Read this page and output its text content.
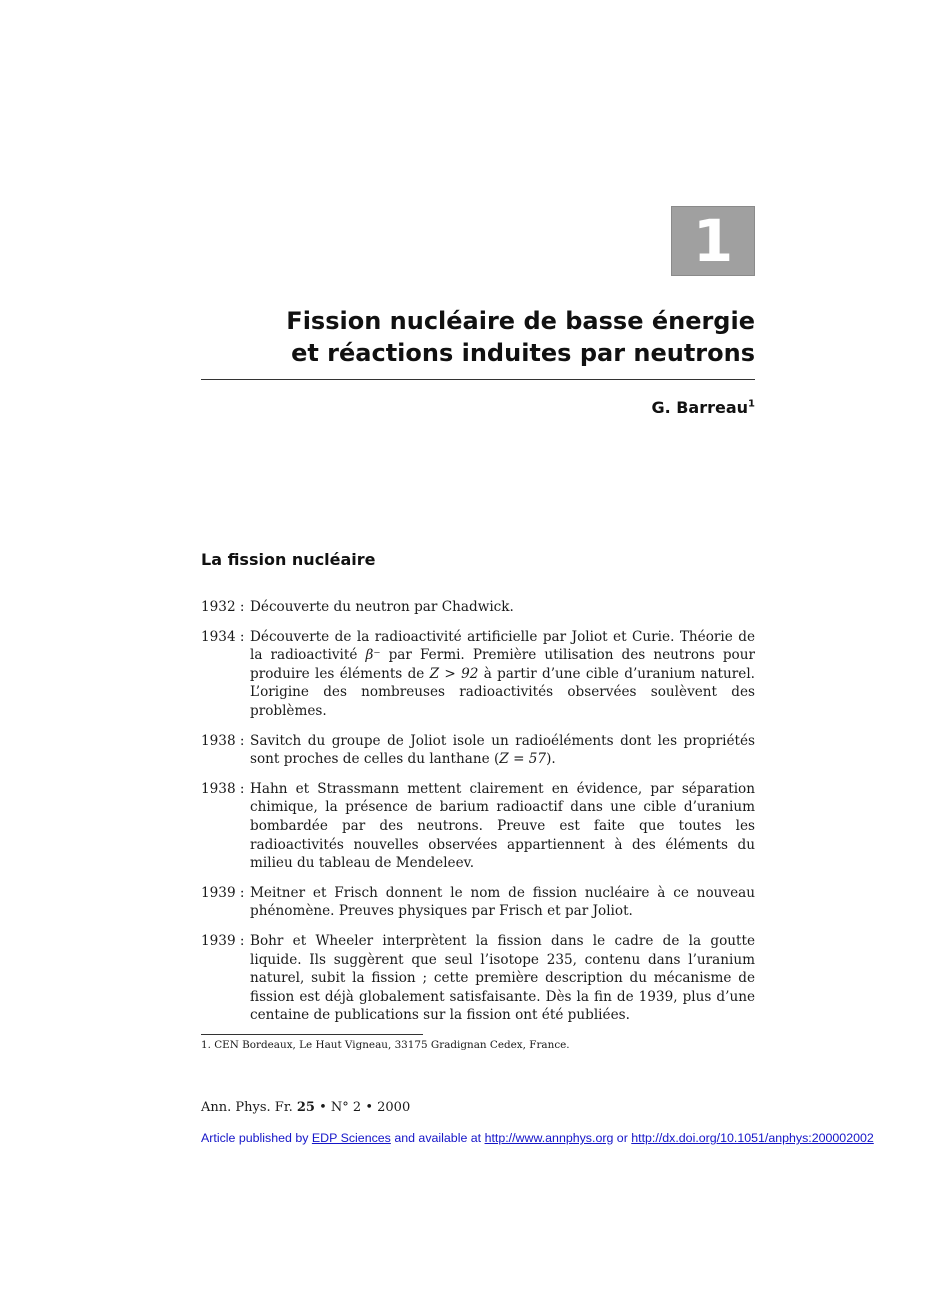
1
Fission nucléaire de basse énergie
et réactions induites par neutrons
G. Barreau$^1$
La fission nucléaire
1932 : Découverte du neutron par Chadwick.
1934 : Découverte de la radioactivité artificielle par Joliot et Curie. Théorie de la radioactivité β⁻ par Fermi. Première utilisation des neutrons pour produire les éléments de Z > 92 à partir d’une cible d’uranium naturel. L’origine des nombreuses radioactivités observées soulèvent des problèmes.
1938 : Savitch du groupe de Joliot isole un radioéléments dont les propriétés sont proches de celles du lanthane (Z = 57).
1938 : Hahn et Strassmann mettent clairement en évidence, par séparation chimique, la présence de barium radioactif dans une cible d’uranium bombardée par des neutrons. Preuve est faite que toutes les radioactivités nouvelles observées appartiennent à des éléments du milieu du tableau de Mendeleev.
1939 : Meitner et Frisch donnent le nom de fission nucléaire à ce nouveau phénomène. Preuves physiques par Frisch et par Joliot.
1939 : Bohr et Wheeler interprètent la fission dans le cadre de la goutte liquide. Ils suggèrent que seul l’isotope 235, contenu dans l’uranium naturel, subit la fission ; cette première description du mécanisme de fission est déjà globalement satisfaisante. Dès la fin de 1939, plus d’une centaine de publications sur la fission ont été publiées.
1. CEN Bordeaux, Le Haut Vigneau, 33175 Gradignan Cedex, France.
Ann. Phys. Fr. 25 • N° 2 • 2000
Article published by EDP Sciences and available at http://www.annphys.org or http://dx.doi.org/10.1051/anphys:200002002
